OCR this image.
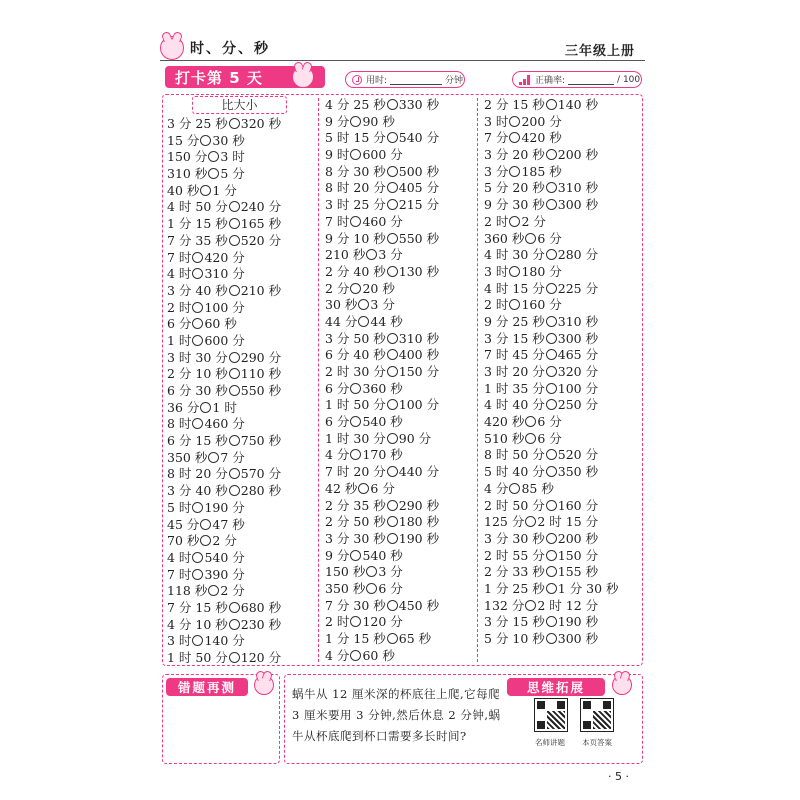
时、分、秒	三年级上册
打卡第 5 天	用时:	分钟	正确率:	/ 100
比大小
3 分 25 秒 320 秒
15 分 30 秒
150 分 3 时
310 秒 5 分
40 秒 1 分
4 时 50 分 240 分
1 分 15 秒 165 秒
7 分 35 秒 520 分
7 时 420 分
4 时 310 分
3 分 40 秒 210 秒
2 时 100 分
6 分 60 秒
1 时 600 分
3 时 30 分 290 分
2 分 10 秒 110 秒
6 分 30 秒 550 秒
36 分 1 时
8 时 460 分
6 分 15 秒 750 秒
350 秒 7 分
8 时 20 分 570 分
3 分 40 秒 280 秒
5 时 190 分
45 分 47 秒
70 秒 2 分
4 时 540 分
7 时 390 分
118 秒 2 分
7 分 15 秒 680 秒
4 分 10 秒 230 秒
3 时 140 分
1 时 50 分 120 分
4 分 25 秒 330 秒
9 分 90 秒
5 时 15 分 540 分
9 时 600 分
8 分 30 秒 500 秒
8 时 20 分 405 分
3 时 25 分 215 分
7 时 460 分
9 分 10 秒 550 秒
210 秒 3 分
2 分 40 秒 130 秒
2 分 20 秒
30 秒 3 分
44 分 44 秒
3 分 50 秒 310 秒
6 分 40 秒 400 秒
2 时 30 分 150 分
6 分 360 秒
1 时 50 分 100 分
6 分 540 秒
1 时 30 分 90 分
4 分 170 秒
7 时 20 分 440 分
42 秒 6 分
2 分 35 秒 290 秒
2 分 50 秒 180 秒
3 分 30 秒 190 秒
9 分 540 秒
150 秒 3 分
350 秒 6 分
7 分 30 秒 450 秒
2 时 120 分
1 分 15 秒 65 秒
4 分 60 秒
2 分 15 秒 140 秒
3 时 200 分
7 分 420 秒
3 分 20 秒 200 秒
3 分 185 秒
5 分 20 秒 310 秒
9 分 30 秒 300 秒
2 时 2 分
360 秒 6 分
4 时 30 分 280 分
3 时 180 分
4 时 15 分 225 分
2 时 160 分
9 分 25 秒 310 秒
3 分 15 秒 300 秒
7 时 45 分 465 分
3 时 20 分 320 分
1 时 35 分 100 分
4 时 40 分 250 分
420 秒 6 分
510 秒 6 分
8 时 50 分 520 分
5 时 40 分 350 秒
4 分 85 秒
2 时 50 分 160 分
125 分 2 时 15 分
3 分 30 秒 200 秒
2 时 55 分 150 分
2 分 33 秒 155 秒
1 分 25 秒 1 分 30 秒
132 分 2 时 12 分
3 分 15 秒 190 秒
5 分 10 秒 300 秒
错题再测	思维拓展
蜗牛从 12 厘米深的杯底往上爬,它每爬 3 厘米要用 3 分钟,然后休息 2 分钟,蜗牛从杯底爬到杯口需要多长时间?	名师讲题 本页答案
· 5 ·
